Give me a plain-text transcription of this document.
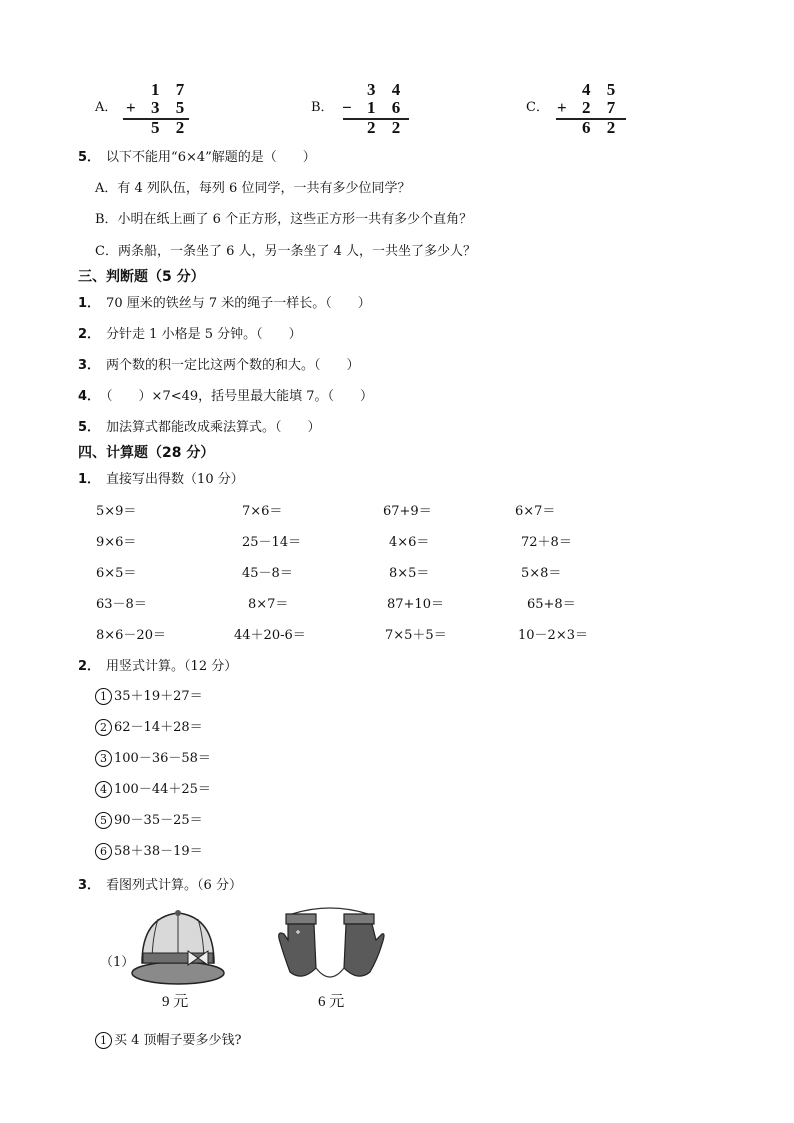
A．
1 7
+ 3 5
5 2
B．
3 4
− 1 6
2 2
C．
4 5
+ 2 7
6 2
5． 以下不能用“6×4”解题的是（　　）
A．有 4 列队伍，每列 6 位同学，一共有多少位同学？
B．小明在纸上画了 6 个正方形，这些正方形一共有多少个直角？
C．两条船，一条坐了 6 人，另一条坐了 4 人，一共坐了多少人？
三、判断题（5 分）
1． 70 厘米的铁丝与 7 米的绳子一样长。（　　）
2． 分针走 1 小格是 5 分钟。（　　）
3． 两个数的积一定比这两个数的和大。（　　）
4． （　　）×7<49，括号里最大能填 7。（　　）
5． 加法算式都能改成乘法算式。（　　）
四、计算题（28 分）
1． 直接写出得数（10 分）
5×9＝	7×6＝	67+9＝	6×7＝
9×6＝	25－14＝	4×6＝	72＋8＝
6×5＝	45－8＝	8×5＝	5×8＝
63－8＝	8×7＝	87+10＝	65+8＝
8×6－20＝	44＋20-6＝	7×5＋5＝	10－2×3＝
2． 用竖式计算。（12 分）
1 35＋19＋27＝
2 62－14＋28＝
3 100－36－58＝
4 100－44＋25＝
5 90－35－25＝
6 58＋38－19＝
3． 看图列式计算。（6 分）
（1）
9 元	6 元
1 买 4 顶帽子要多少钱?
